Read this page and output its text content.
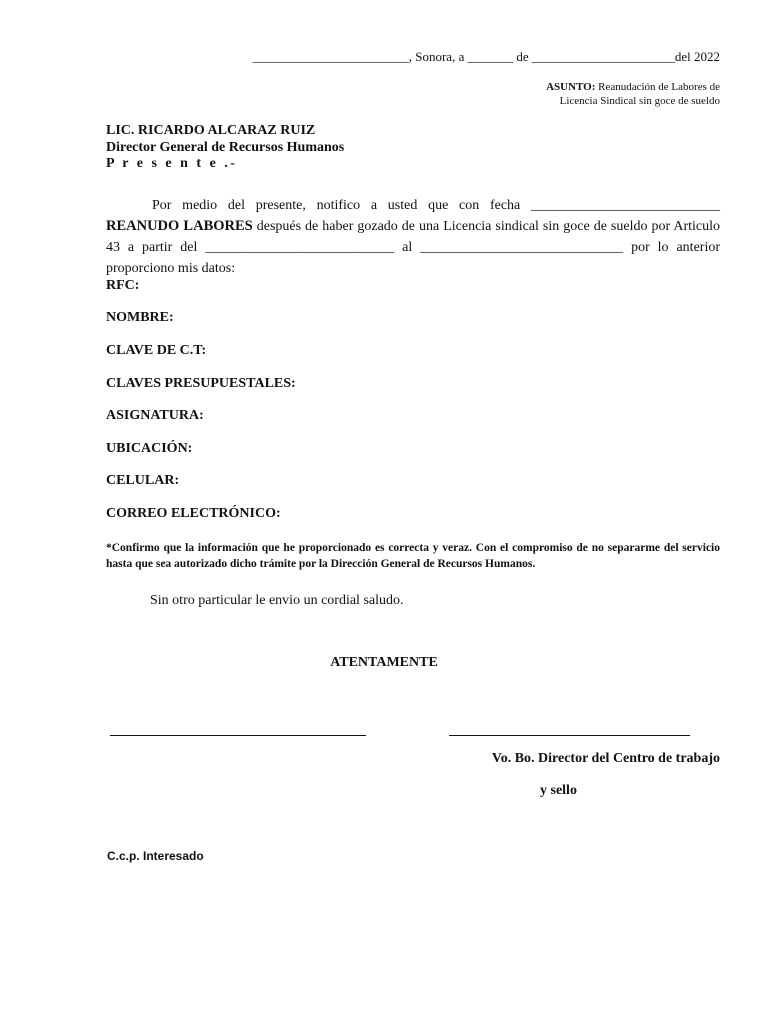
________________________, Sonora, a _______ de ______________________del 2022
ASUNTO: Reanudación de Labores de
Licencia Sindical sin goce de sueldo
LIC. RICARDO ALCARAZ RUIZ
Director General de Recursos Humanos
P r e s e n t e .-
Por medio del presente, notifico a usted que con fecha ___________________________ REANUDO LABORES después de haber gozado de una Licencia sindical sin goce de sueldo por Articulo 43 a partir del ___________________________ al _____________________________ por lo anterior proporciono mis datos:
RFC:
NOMBRE:
CLAVE DE C.T:
CLAVES PRESUPUESTALES:
ASIGNATURA:
UBICACIÓN:
CELULAR:
CORREO ELECTRÓNICO:
*Confirmo que la información que he proporcionado es correcta y veraz. Con el compromiso de no separarme del servicio hasta que sea autorizado dicho trámite por la Dirección General de Recursos Humanos.
Sin otro particular le envio un cordial saludo.
ATENTAMENTE
Vo. Bo. Director del Centro de trabajo
y sello
C.c.p. Interesado
